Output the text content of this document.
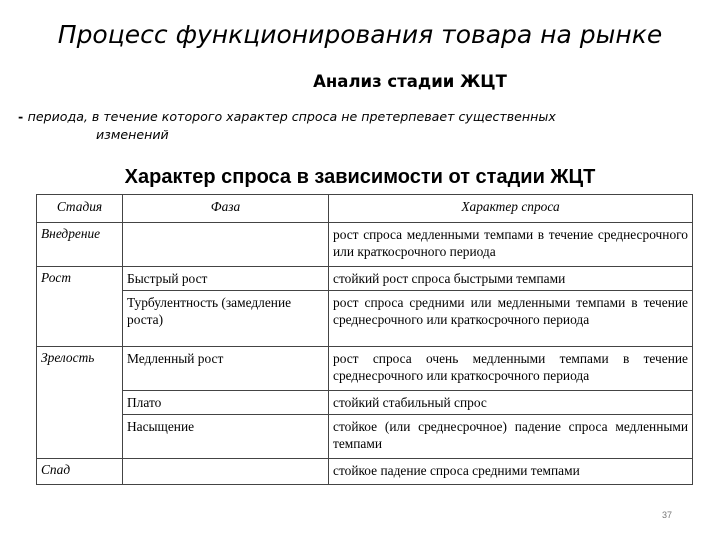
Процесс функционирования товара на рынке
Анализ стадии ЖЦТ
- периода, в течение которого характер спроса не претерпевает существенных
изменений
Характер спроса в зависимости от стадии ЖЦТ
Стадия	Фаза	Характер спроса
Внедрение		рост спроса медленными темпами в течение среднесрочного или краткосрочного периода
Рост	Быстрый рост	стойкий рост спроса быстрыми темпами
	Турбулентность (замедление роста)	рост спроса средними или медленными темпами в течение среднесрочного или краткосрочного периода
Зрелость	Медленный рост	рост спроса очень медленными темпами в течение среднесрочного или краткосрочного периода
	Плато	стойкий стабильный спрос
	Насыщение	стойкое (или среднесрочное) падение спроса медленными темпами
Спад		стойкое падение спроса средними темпами
37
